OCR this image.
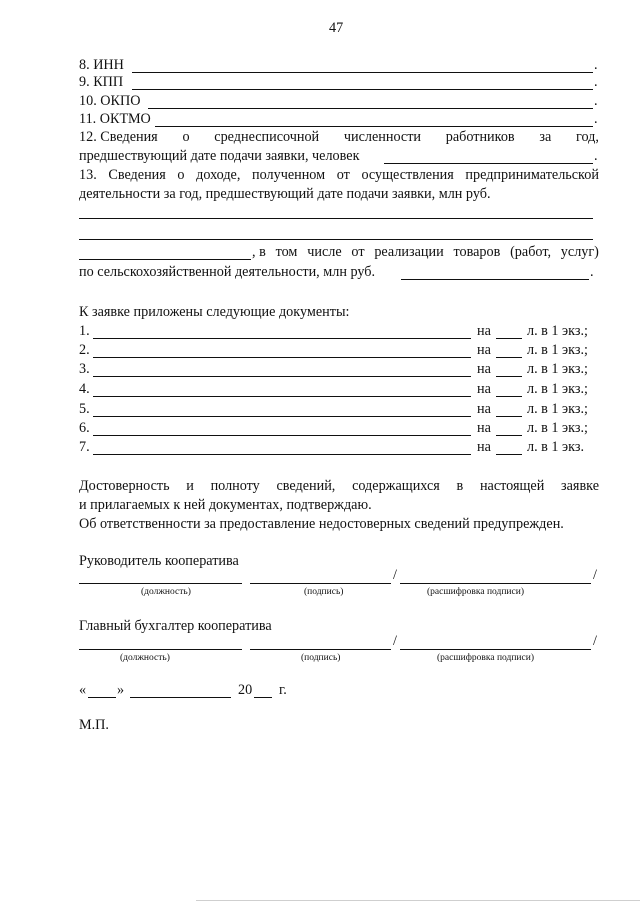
47
8. ИНН	.
9. КПП	.
10. ОКПО	.
11. ОКТМО	.
12. Сведения о среднесписочной численности работников за год,
предшествующий дате подачи заявки, человек	.
13. Сведения о доходе, полученном от осуществления предпринимательской
деятельности за год, предшествующий дате подачи заявки, млн руб.
, в том числе от реализации товаров (работ, услуг)
по сельскохозяйственной деятельности, млн руб.	.
К заявке приложены следующие документы:
1.	на	л. в 1 экз.;
2.	на	л. в 1 экз.;
3.	на	л. в 1 экз.;
4.	на	л. в 1 экз.;
5.	на	л. в 1 экз.;
6.	на	л. в 1 экз.;
7.	на	л. в 1 экз.
Достоверность и полноту сведений, содержащихся в настоящей заявке
и прилагаемых к ней документах, подтверждаю.
Об ответственности за предоставление недостоверных сведений предупрежден.
Руководитель кооператива
/	/
(должность)	(подпись)	(расшифровка подписи)
Главный бухгалтер кооператива
/	/
(должность)	(подпись)	(расшифровка подписи)
« »	20 г.
М.П.
